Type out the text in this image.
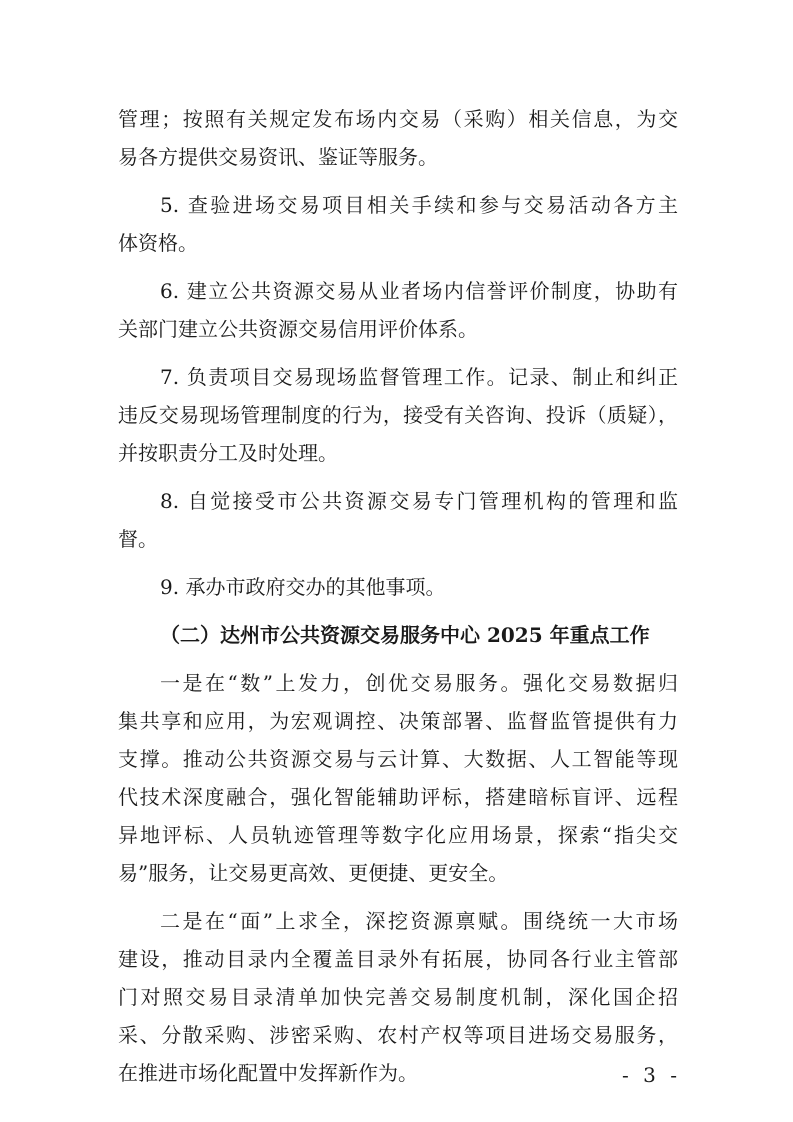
管理；按照有关规定发布场内交易（采购）相关信息，为交
易各方提供交易资讯、鉴证等服务。
5. 查验进场交易项目相关手续和参与交易活动各方主
体资格。
6. 建立公共资源交易从业者场内信誉评价制度，协助有
关部门建立公共资源交易信用评价体系。
7. 负责项目交易现场监督管理工作。记录、制止和纠正
违反交易现场管理制度的行为，接受有关咨询、投诉（质疑），
并按职责分工及时处理。
8. 自觉接受市公共资源交易专门管理机构的管理和监
督。
9. 承办市政府交办的其他事项。
（二）达州市公共资源交易服务中心 2025 年重点工作
一是在“数”上发力，创优交易服务。强化交易数据归
集共享和应用，为宏观调控、决策部署、监督监管提供有力
支撑。推动公共资源交易与云计算、大数据、人工智能等现
代技术深度融合，强化智能辅助评标，搭建暗标盲评、远程
异地评标、人员轨迹管理等数字化应用场景，探索“指尖交
易”服务，让交易更高效、更便捷、更安全。
二是在“面”上求全，深挖资源禀赋。围绕统一大市场
建设，推动目录内全覆盖目录外有拓展，协同各行业主管部
门对照交易目录清单加快完善交易制度机制，深化国企招
采、分散采购、涉密采购、农村产权等项目进场交易服务，
在推进市场化配置中发挥新作为。	- 3 -
